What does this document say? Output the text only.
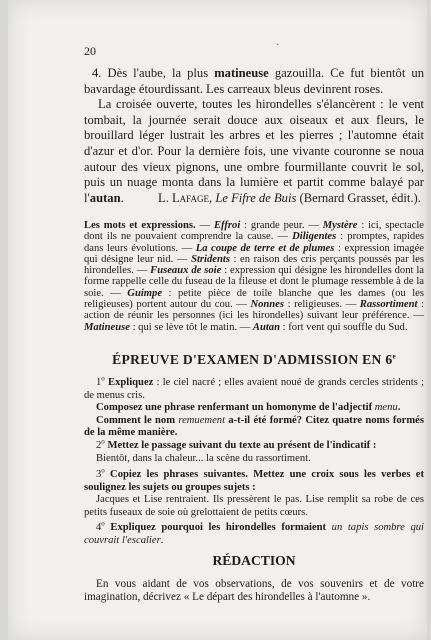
20	·

4. Dès l'aube, la plus matineuse gazouilla. Ce fut bientôt un bavardage étourdissant. Les carreaux bleus devinrent roses.

La croisée ouverte, toutes les hirondelles s'élancèrent : le vent tombait, la journée serait douce aux oiseaux et aux fleurs, le brouillard léger lustrait les arbres et les pierres ; l'automne était d'azur et d'or. Pour la dernière fois, une vivante couronne se noua autour des vieux pignons, une ombre fourmillante couvrit le sol, puis un nuage monta dans la lumière et partit comme balayé par l'autan.	L. Lafage, Le Fifre de Buis (Bernard Grasset, édit.).

Les mots et expressions. — Effroi : grande peur. — Mystère : ici, spectacle dont ils ne pouvaient comprendre la cause. — Diligentes : promptes, rapides dans leurs évolutions. — La coupe de terre et de plumes : expression imagée qui désigne leur nid. — Stridents : en raison des cris perçants poussés par les hirondelles. — Fuseaux de soie : expression qui désigne les hirondelles dont la forme rappelle celle du fuseau de la fileuse et dont le plumage ressemble à de la soie. — Guimpe : petite pièce de toile blanche que les dames (ou les religieuses) portent autour du cou. — Nonnes : religieuses. — Rassortiment : action de réunir les personnes (ici les hirondelles) suivant leur préférence. — Matineuse : qui se lève tôt le matin. — Autan : fort vent qui souffle du Sud.

ÉPREUVE D'EXAMEN D'ADMISSION EN 6e

1$^o$ Expliquez : le ciel nacré ; elles avaient noué de grands cercles stridents ; de menus cris.

Composez une phrase renfermant un homonyme de l'adjectif menu.

Comment le nom remuement a-t-il été formé? Citez quatre noms formés de la même manière.

2$^o$ Mettez le passage suivant du texte au présent de l'indicatif :

Bientôt, dans la chaleur... la scène du rassortiment.

3$^o$ Copiez les phrases suivantes. Mettez une croix sous les verbes et soulignez les sujets ou groupes sujets :

Jacques et Lise rentraient. Ils pressèrent le pas. Lise remplit sa robe de ces petits fuseaux de soie où grelottaient de petits cœurs.

4$^o$ Expliquez pourquoi les hirondelles formaient un tapis sombre qui couvrait l'escalier.

RÉDACTION

En vous aidant de vos observations, de vos souvenirs et de votre imagination, décrivez « Le départ des hirondelles à l'automne ».
